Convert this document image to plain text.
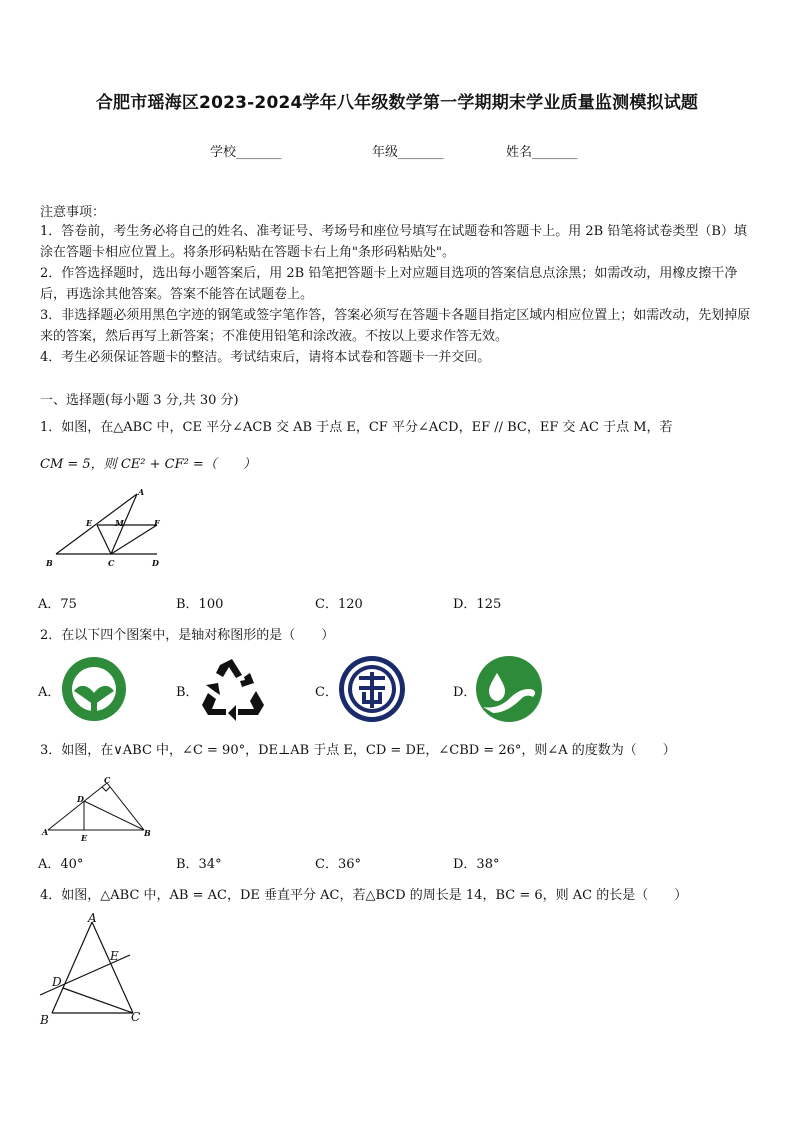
合肥市瑶海区2023-2024学年八年级数学第一学期期末学业质量监测模拟试题
学校_______	年级_______	姓名_______
注意事项：
1．答卷前，考生务必将自己的姓名、准考证号、考场号和座位号填写在试题卷和答题卡上。用 2B 铅笔将试卷类型（B）填涂在答题卡相应位置上。将条形码粘贴在答题卡右上角"条形码粘贴处"。
2．作答选择题时，选出每小题答案后，用 2B 铅笔把答题卡上对应题目选项的答案信息点涂黑；如需改动，用橡皮擦干净后，再选涂其他答案。答案不能答在试题卷上。
3．非选择题必须用黑色字迹的钢笔或签字笔作答，答案必须写在答题卡各题目指定区域内相应位置上；如需改动，先划掉原来的答案，然后再写上新答案；不准使用铅笔和涂改液。不按以上要求作答无效。
4．考生必须保证答题卡的整洁。考试结束后，请将本试卷和答题卡一并交回。
一、选择题(每小题 3 分,共 30 分)
1．如图，在△ABC 中，CE 平分∠ACB 交 AB 于点 E，CF 平分∠ACD，EF // BC，EF 交 AC 于点 M，若
CM = 5，则 CE² + CF² =（　　）
A
E	M	F
B	C	D
A．75	B．100	C．120	D．125
2．在以下四个图案中，是轴对称图形的是（　　）
A．	B．	C．	D．
3．如图，在∨ABC 中，∠C = 90°，DE⊥AB 于点 E，CD = DE，∠CBD = 26°，则∠A 的度数为（　　）
C
D
A
E	B
A．40°	B．34°	C．36°	D．38°
4．如图，△ABC 中，AB = AC，DE 垂直平分 AC，若△BCD 的周长是 14，BC = 6，则 AC 的长是（　　）
A
E
D
B	C
